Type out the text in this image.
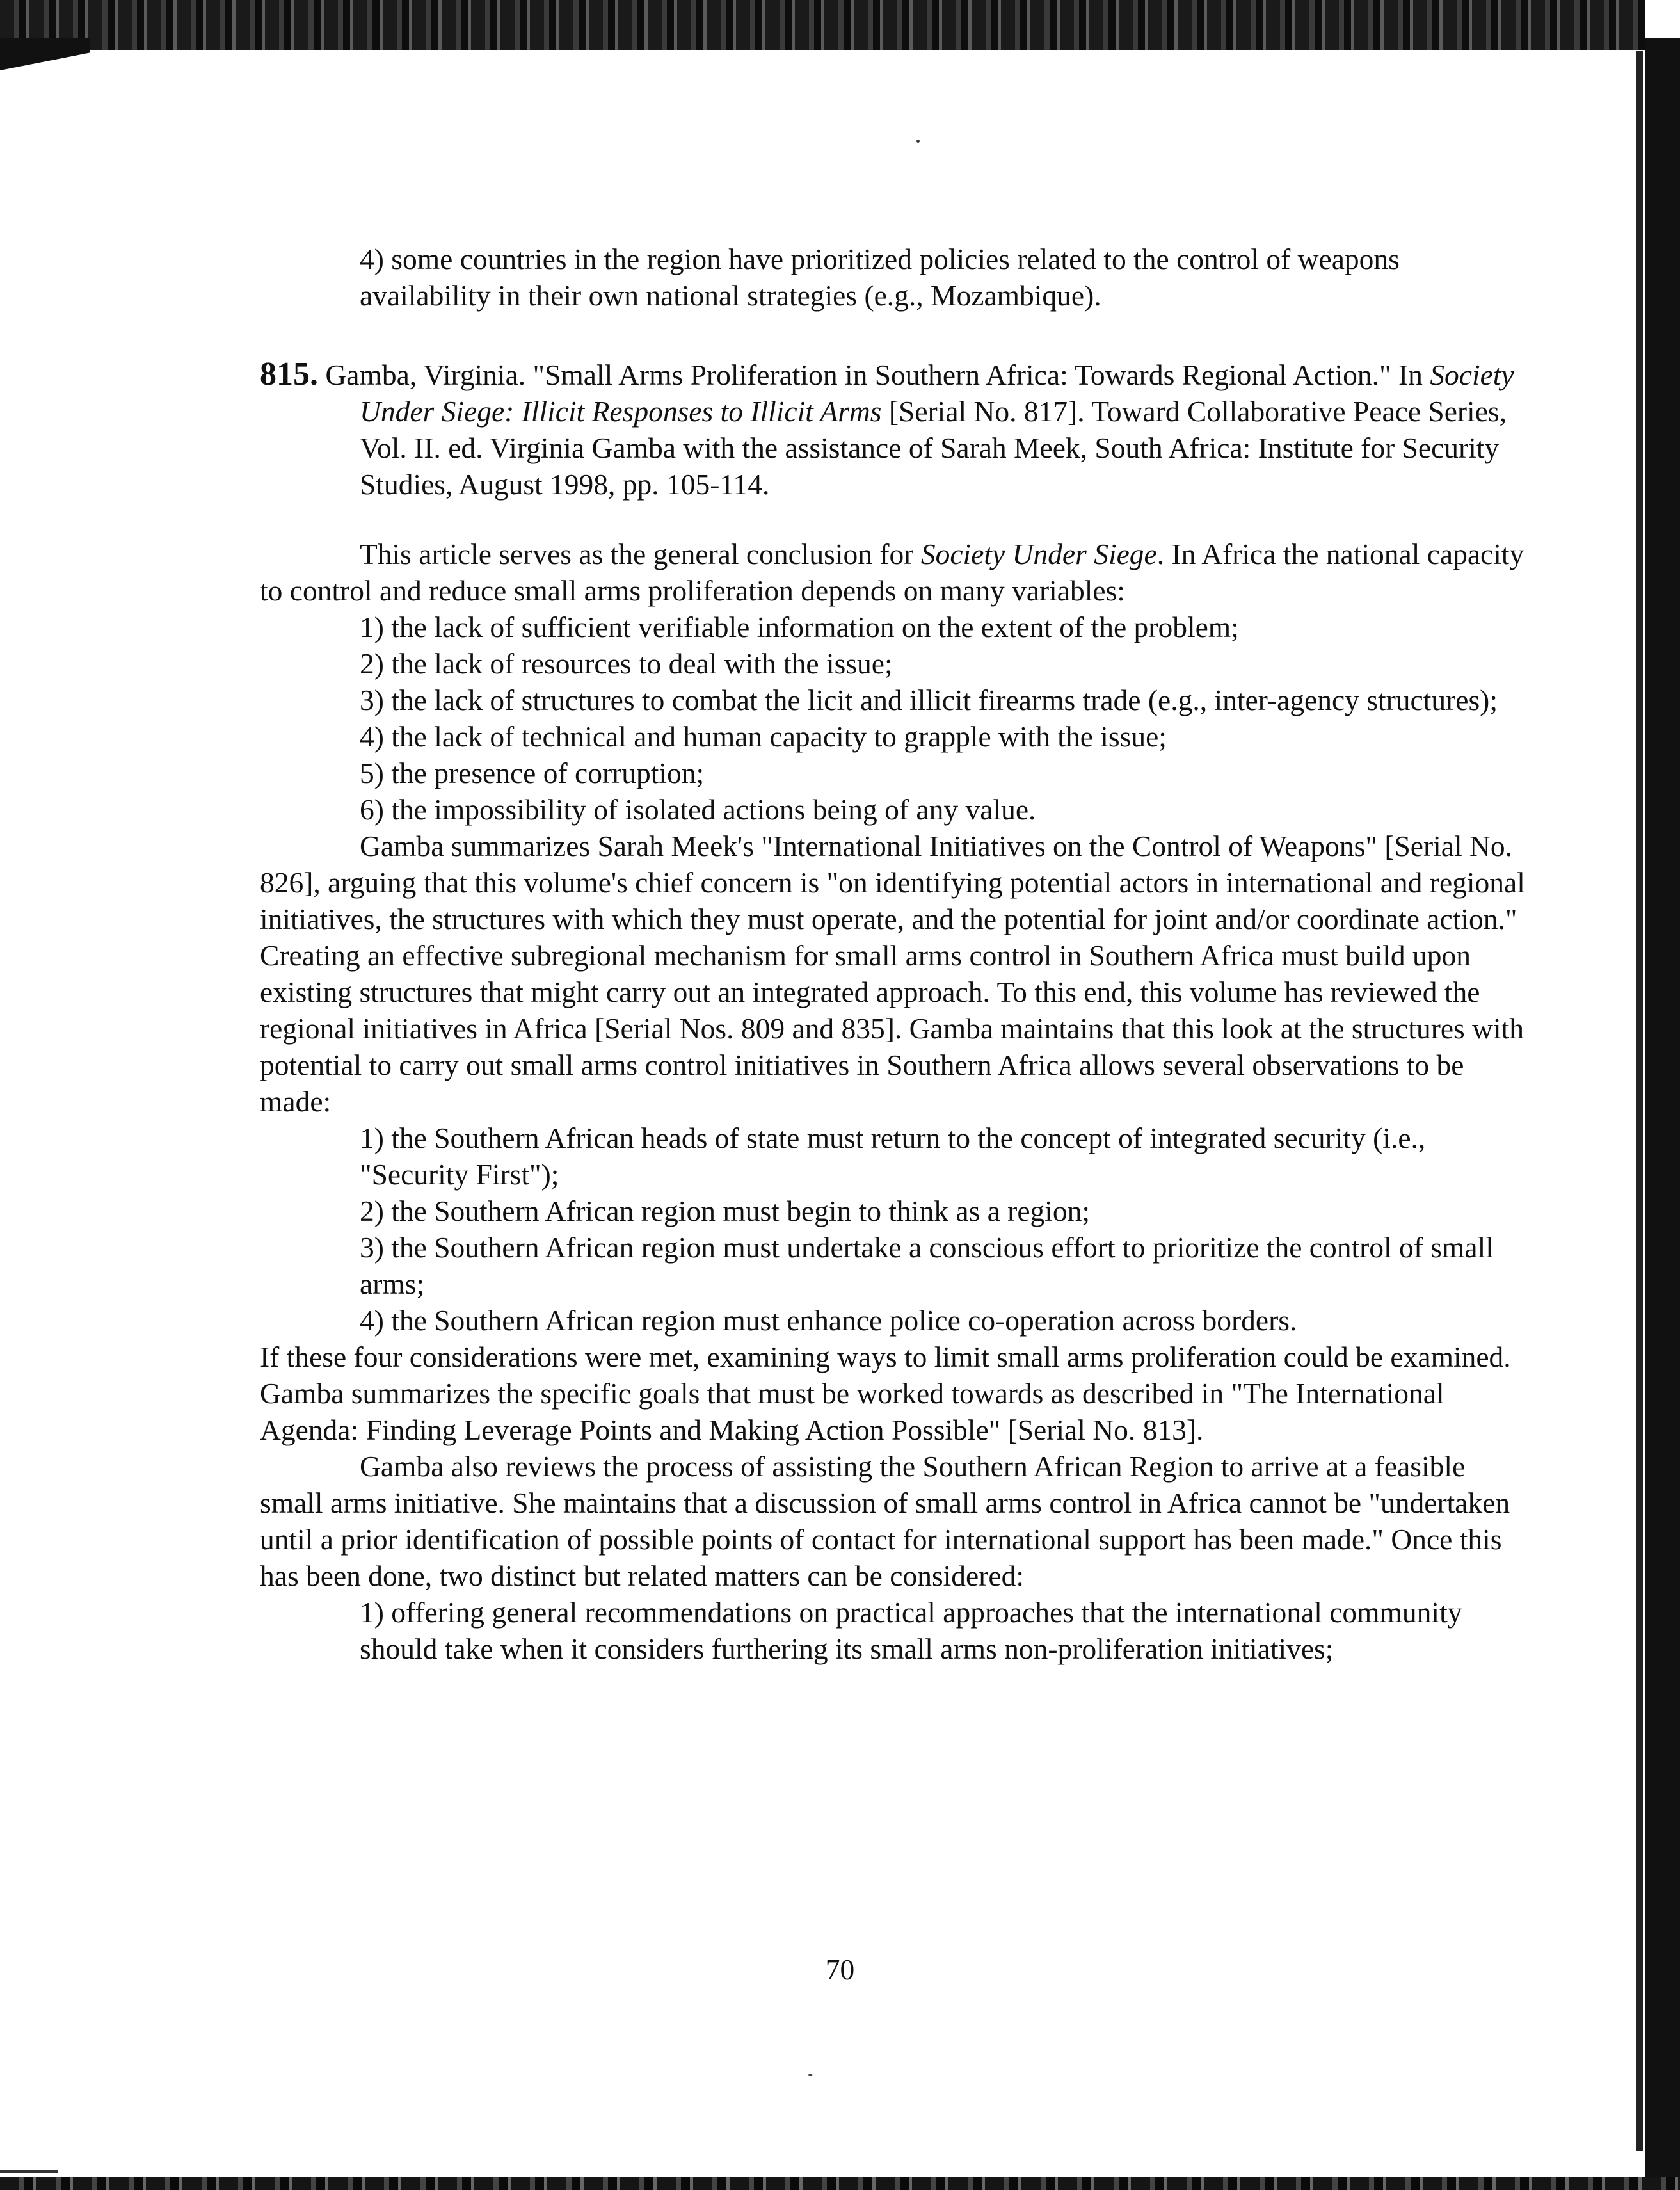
4) some countries in the region have prioritized policies related to the control of weapons availability in their own national strategies (e.g., Mozambique).

815. Gamba, Virginia. "Small Arms Proliferation in Southern Africa: Towards Regional Action." In Society Under Siege: Illicit Responses to Illicit Arms [Serial No. 817]. Toward Collaborative Peace Series, Vol. II. ed. Virginia Gamba with the assistance of Sarah Meek, South Africa: Institute for Security Studies, August 1998, pp. 105-114.

This article serves as the general conclusion for Society Under Siege. In Africa the national capacity to control and reduce small arms proliferation depends on many variables:

1) the lack of sufficient verifiable information on the extent of the problem;

2) the lack of resources to deal with the issue;

3) the lack of structures to combat the licit and illicit firearms trade (e.g., inter-agency structures);

4) the lack of technical and human capacity to grapple with the issue;

5) the presence of corruption;

6) the impossibility of isolated actions being of any value.

Gamba summarizes Sarah Meek's "International Initiatives on the Control of Weapons" [Serial No. 826], arguing that this volume's chief concern is "on identifying potential actors in international and regional initiatives, the structures with which they must operate, and the potential for joint and/or coordinate action." Creating an effective subregional mechanism for small arms control in Southern Africa must build upon existing structures that might carry out an integrated approach. To this end, this volume has reviewed the regional initiatives in Africa [Serial Nos. 809 and 835]. Gamba maintains that this look at the structures with potential to carry out small arms control initiatives in Southern Africa allows several observations to be made:

1) the Southern African heads of state must return to the concept of integrated security (i.e., "Security First");

2) the Southern African region must begin to think as a region;

3) the Southern African region must undertake a conscious effort to prioritize the control of small arms;

4) the Southern African region must enhance police co-operation across borders.

If these four considerations were met, examining ways to limit small arms proliferation could be examined. Gamba summarizes the specific goals that must be worked towards as described in "The International Agenda: Finding Leverage Points and Making Action Possible" [Serial No. 813].

Gamba also reviews the process of assisting the Southern African Region to arrive at a feasible small arms initiative. She maintains that a discussion of small arms control in Africa cannot be "undertaken until a prior identification of possible points of contact for international support has been made." Once this has been done, two distinct but related matters can be considered:

1) offering general recommendations on practical approaches that the international community should take when it considers furthering its small arms non-proliferation initiatives;

70
